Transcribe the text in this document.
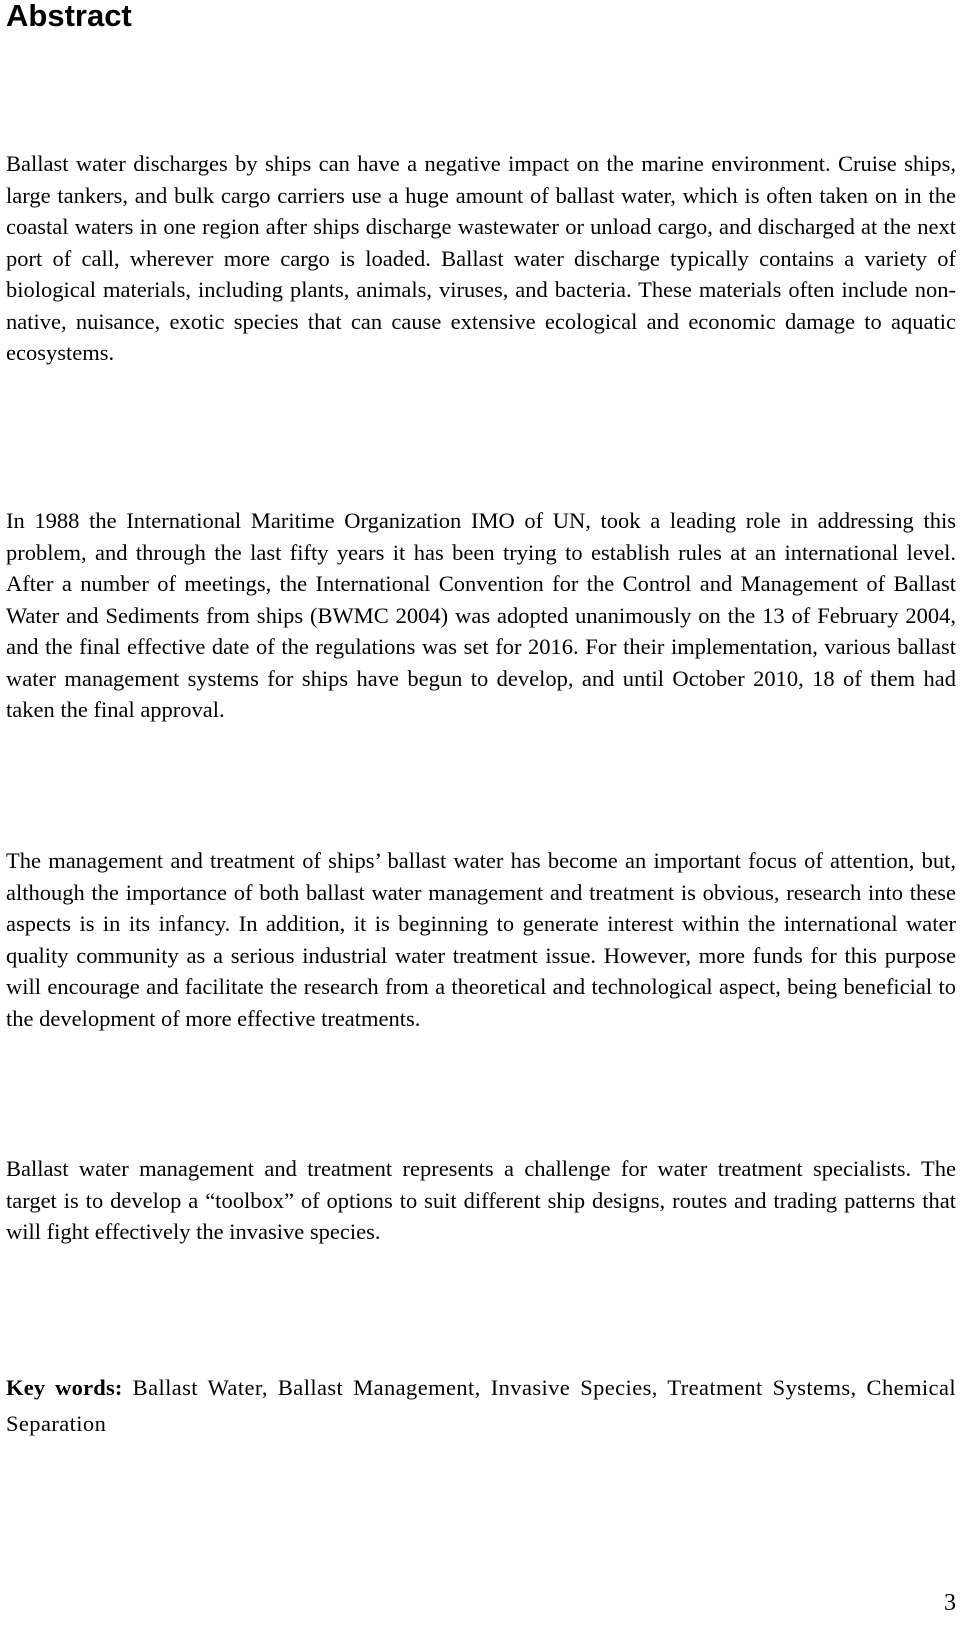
Abstract

Ballast water discharges by ships can have a negative impact on the marine environment. Cruise ships, large tankers, and bulk cargo carriers use a huge amount of ballast water, which is often taken on in the coastal waters in one region after ships discharge wastewater or unload cargo, and discharged at the next port of call, wherever more cargo is loaded. Ballast water discharge typically contains a variety of biological materials, including plants, animals, viruses, and bacteria. These materials often include non-native, nuisance, exotic species that can cause extensive ecological and economic damage to aquatic ecosystems.

In 1988 the International Maritime Organization IMO of UN, took a leading role in addressing this problem, and through the last fifty years it has been trying to establish rules at an international level. After a number of meetings, the International Convention for the Control and Management of Ballast Water and Sediments from ships (BWMC 2004) was adopted unanimously on the 13 of February 2004, and the final effective date of the regulations was set for 2016. For their implementation, various ballast water management systems for ships have begun to develop, and until October 2010, 18 of them had taken the final approval.

The management and treatment of ships’ ballast water has become an important focus of attention, but, although the importance of both ballast water management and treatment is obvious, research into these aspects is in its infancy. In addition, it is beginning to generate interest within the international water quality community as a serious industrial water treatment issue. However, more funds for this purpose will encourage and facilitate the research from a theoretical and technological aspect, being beneficial to the development of more effective treatments.

Ballast water management and treatment represents a challenge for water treatment specialists. The target is to develop a “toolbox” of options to suit different ship designs, routes and trading patterns that will fight effectively the invasive species.

Key words: Ballast Water, Ballast Management, Invasive Species, Treatment Systems, Chemical Separation

3
